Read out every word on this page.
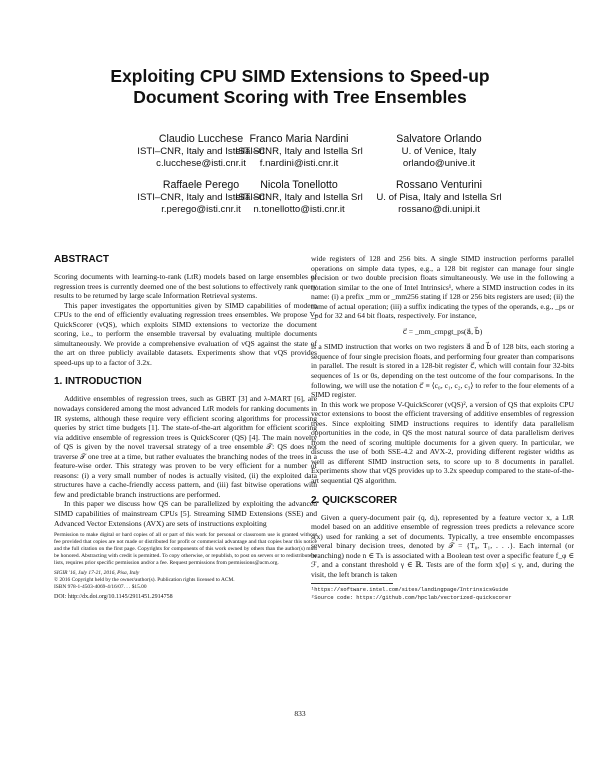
Exploiting CPU SIMD Extensions to Speed-up
Document Scoring with Tree Ensembles
Claudio Lucchese
ISTI–CNR, Italy and Istella Srl
c.lucchese@isti.cnr.it
Franco Maria Nardini
ISTI–CNR, Italy and Istella Srl
f.nardini@isti.cnr.it
Salvatore Orlando
U. of Venice, Italy
orlando@unive.it
Raffaele Perego
ISTI–CNR, Italy and Istella Srl
r.perego@isti.cnr.it
Nicola Tonellotto
ISTI–CNR, Italy and Istella Srl
n.tonellotto@isti.cnr.it
Rossano Venturini
U. of Pisa, Italy and Istella Srl
rossano@di.unipi.it
ABSTRACT

Scoring documents with learning-to-rank (LtR) models based on large ensembles of regression trees is currently deemed one of the best solutions to effectively rank query results to be returned by large scale Information Retrieval systems.

This paper investigates the opportunities given by SIMD capabilities of modern CPUs to the end of efficiently evaluating regression trees ensembles. We propose V-QuickScorer (vQS), which exploits SIMD extensions to vectorize the document scoring, i.e., to perform the ensemble traversal by evaluating multiple documents simultaneously. We provide a comprehensive evaluation of vQS against the state of the art on three publicly available datasets. Experiments show that vQS provides speed-ups up to a factor of 3.2x.

1. INTRODUCTION

Additive ensembles of regression trees, such as GBRT [3] and λ-MART [6], are nowadays considered among the most advanced LtR models for ranking documents in IR systems, although these require very efficient scoring algorithms for processing queries by strict time budgets [1]. The state-of-the-art algorithm for efficient scoring via additive ensemble of regression trees is QuickScorer (QS) [4]. The main novelty of QS is given by the novel traversal strategy of a tree ensemble 𝒯: QS does not traverse 𝒯 one tree at a time, but rather evaluates the branching nodes of the trees in a feature-wise order. This strategy was proven to be very efficient for a number of reasons: (i) a very small number of nodes is actually visited, (ii) the exploited data structures have a cache-friendly access pattern, and (iii) fast bitwise operations with few and predictable branch instructions are performed.

In this paper we discuss how QS can be parallelized by exploiting the advanced SIMD capabilities of mainstream CPUs [5]. Streaming SIMD Extensions (SSE) and Advanced Vector Extensions (AVX) are sets of instructions exploiting

Permission to make digital or hard copies of all or part of this work for personal or classroom use is granted without fee provided that copies are not made or distributed for profit or commercial advantage and that copies bear this notice and the full citation on the first page. Copyrights for components of this work owned by others than the author(s) must be honored. Abstracting with credit is permitted. To copy otherwise, or republish, to post on servers or to redistribute to lists, requires prior specific permission and/or a fee. Request permissions from permissions@acm.org.

SIGIR '16, July 17-21, 2016, Pisa, Italy
© 2016 Copyright held by the owner/author(s). Publication rights licensed to ACM.
ISBN 978-1-4503-4069-4/16/07. . . $15.00

DOI: http://dx.doi.org/10.1145/2911451.2914758

wide registers of 128 and 256 bits. A single SIMD instruction performs parallel operations on simple data types, e.g., a 128 bit register can manage four single precision or two double precision floats simultaneously. We use in the following a notation similar to the one of Intel Intrinsics¹, where a SIMD instruction codes in its name: (i) a prefix _mm or _mm256 stating if 128 or 256 bits registers are used; (ii) the name of actual operation; (iii) a suffix indicating the types of the operands, e.g., _ps or _pd for 32 and 64 bit floats, respectively. For instance,

c⃗ = _mm_cmpgt_ps(a⃗, b⃗)

is a SIMD instruction that works on two registers a⃗ and b⃗ of 128 bits, each storing a sequence of four single precision floats, and performing four greater than comparisons in parallel. The result is stored in a 128-bit register c⃗, which will contain four 32-bits sequences of 1s or 0s, depending on the test outcome of the four comparisons. In the following, we will use the notation c⃗ ≡ ⟨c₀, c₁, c₂, c₃⟩ to refer to the four elements of a SIMD register.

In this work we propose V-QuickScorer (vQS)², a version of QS that exploits CPU vector extensions to boost the efficient traversing of additive ensembles of regression trees. Since exploiting SIMD instructions requires to identify data parallelism opportunities in the code, in QS the most natural source of data parallelism derives from the need of scoring multiple documents for a given query. In particular, we discuss the use of both SSE-4.2 and AVX-2, providing different register widths as well as different SIMD instruction sets, to score up to 8 documents in parallel. Experiments show that vQS provides up to 3.2x speedup compared to the state-of-the-art sequential QS algorithm.

2. QUICKSCORER

Given a query-document pair (q, dᵢ), represented by a feature vector x, a LtR model based on an additive ensemble of regression trees predicts a relevance score s(x) used for ranking a set of documents. Typically, a tree ensemble encompasses several binary decision trees, denoted by 𝒯 = {T₀, T₁, . . .}. Each internal (or branching) node n ∈ Tₕ is associated with a Boolean test over a specific feature f_φ ∈ ℱ, and a constant threshold γ ∈ ℝ. Tests are of the form x[φ] ≤ γ, and, during the visit, the left branch is taken

¹https://software.intel.com/sites/landingpage/IntrinsicsGuide
²Source code: https://github.com/hpclab/vectorized-quickscorer
833
